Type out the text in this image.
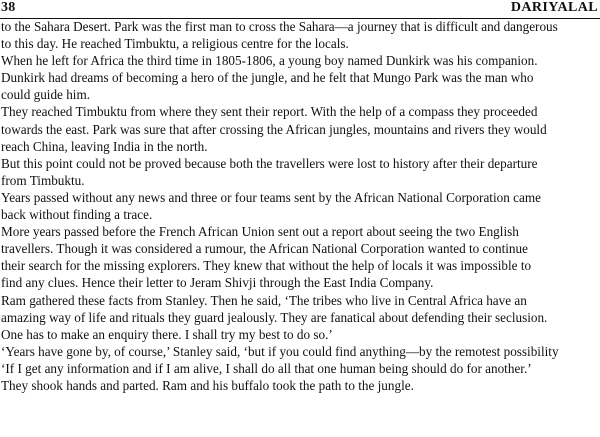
38	DARIYALAL

to the Sahara Desert. Park was the first man to cross the Sahara—a journey that is difficult and dangerous
to this day. He reached Timbuktu, a religious centre for the locals.

When he left for Africa the third time in 1805-1806, a young boy named Dunkirk was his companion.
Dunkirk had dreams of becoming a hero of the jungle, and he felt that Mungo Park was the man who
could guide him.

They reached Timbuktu from where they sent their report. With the help of a compass they proceeded
towards the east. Park was sure that after crossing the African jungles, mountains and rivers they would
reach China, leaving India in the north.

But this point could not be proved because both the travellers were lost to history after their departure
from Timbuktu.

Years passed without any news and three or four teams sent by the African National Corporation came
back without finding a trace.

More years passed before the French African Union sent out a report about seeing the two English
travellers. Though it was considered a rumour, the African National Corporation wanted to continue
their search for the missing explorers. They knew that without the help of locals it was impossible to
find any clues. Hence their letter to Jeram Shivji through the East India Company.

Ram gathered these facts from Stanley. Then he said, ‘The tribes who live in Central Africa have an
amazing way of life and rituals they guard jealously. They are fanatical about defending their seclusion.
One has to make an enquiry there. I shall try my best to do so.’

‘Years have gone by, of course,’ Stanley said, ‘but if you could find anything—by the remotest possibility

‘If I get any information and if I am alive, I shall do all that one human being should do for another.’
They shook hands and parted. Ram and his buffalo took the path to the jungle.
